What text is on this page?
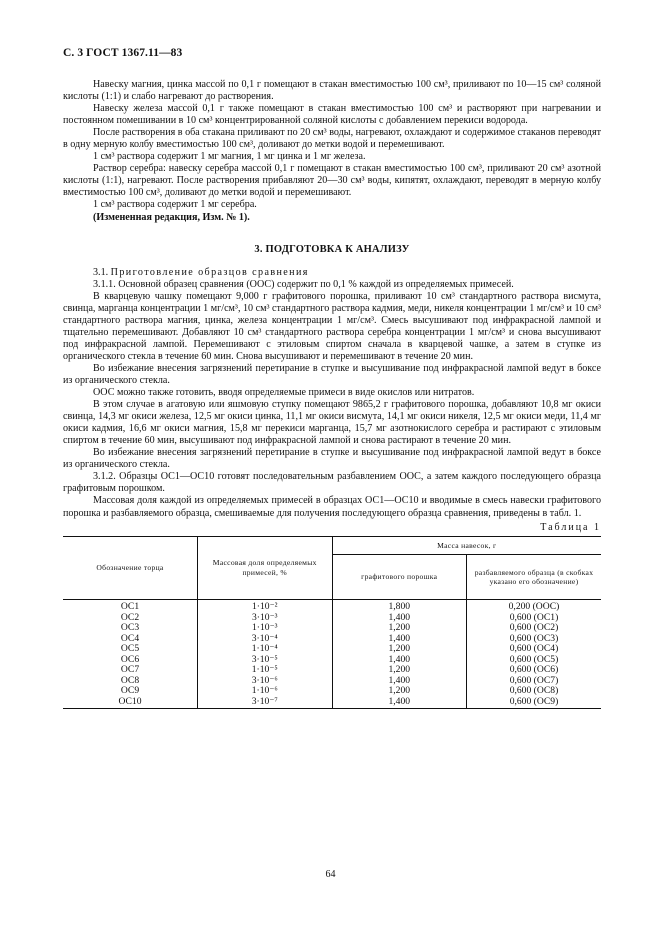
С. 3 ГОСТ 1367.11—83

Навеску магния, цинка массой по 0,1 г помещают в стакан вместимостью 100 см³, приливают по 10—15 см³ соляной кислоты (1:1) и слабо нагревают до растворения.

Навеску железа массой 0,1 г также помещают в стакан вместимостью 100 см³ и растворяют при нагревании и постоянном помешивании в 10 см³ концентрированной соляной кислоты с добавлением перекиси водорода.

После растворения в оба стакана приливают по 20 см³ воды, нагревают, охлаждают и содержимое стаканов переводят в одну мерную колбу вместимостью 100 см³, доливают до метки водой и перемешивают.

1 см³ раствора содержит 1 мг магния, 1 мг цинка и 1 мг железа.

Раствор серебра: навеску серебра массой 0,1 г помещают в стакан вместимостью 100 см³, приливают 20 см³ азотной кислоты (1:1), нагревают. После растворения прибавляют 20—30 см³ воды, кипятят, охлаждают, переводят в мерную колбу вместимостью 100 см³, доливают до метки водой и перемешивают.

1 см³ раствора содержит 1 мг серебра.

(Измененная редакция, Изм. № 1).

3. ПОДГОТОВКА К АНАЛИЗУ

3.1. Приготовление образцов сравнения

3.1.1. Основной образец сравнения (ООС) содержит по 0,1 % каждой из определяемых примесей.

В кварцевую чашку помещают 9,000 г графитового порошка, приливают 10 см³ стандартного раствора висмута, свинца, марганца концентрации 1 мг/см³, 10 см³ стандартного раствора кадмия, меди, никеля концентрации 1 мг/см³ и 10 см³ стандартного раствора магния, цинка, железа концентрации 1 мг/см³. Смесь высушивают под инфракрасной лампой и тщательно перемешивают. Добавляют 10 см³ стандартного раствора серебра концентрации 1 мг/см³ и снова высушивают под инфракрасной лампой. Перемешивают с этиловым спиртом сначала в кварцевой чашке, а затем в ступке из органического стекла в течение 60 мин. Снова высушивают и перемешивают в течение 20 мин.

Во избежание внесения загрязнений перетирание в ступке и высушивание под инфракрасной лампой ведут в боксе из органического стекла.

ООС можно также готовить, вводя определяемые примеси в виде окислов или нитратов.

В этом случае в агатовую или яшмовую ступку помещают 9865,2 г графитового порошка, добавляют 10,8 мг окиси свинца, 14,3 мг окиси железа, 12,5 мг окиси цинка, 11,1 мг окиси висмута, 14,1 мг окиси никеля, 12,5 мг окиси меди, 11,4 мг окиси кадмия, 16,6 мг окиси магния, 15,8 мг перекиси марганца, 15,7 мг азотнокислого серебра и растирают с этиловым спиртом в течение 60 мин, высушивают под инфракрасной лампой и снова растирают в течение 20 мин.

Во избежание внесения загрязнений перетирание в ступке и высушивание под инфракрасной лампой ведут в боксе из органического стекла.

3.1.2. Образцы ОС1—ОС10 готовят последовательным разбавлением ООС, а затем каждого последующего образца графитовым порошком.

Массовая доля каждой из определяемых примесей в образцах ОС1—ОС10 и вводимые в смесь навески графитового порошка и разбавляемого образца, смешиваемые для получения последующего образца сравнения, приведены в табл. 1.

Таблица 1
Обозначение торца	Массовая доля определяемых примесей, %	Масса навесок, г	
		графитового порошка	разбавляемого образца (в скобках указано его обозначение)
ОС1	1·10⁻²	1,800	0,200 (ООС)
ОС2	3·10⁻³	1,400	0,600 (ОС1)
ОС3	1·10⁻³	1,200	0,600 (ОС2)
ОС4	3·10⁻⁴	1,400	0,600 (ОС3)
ОС5	1·10⁻⁴	1,200	0,600 (ОС4)
ОС6	3·10⁻⁵	1,400	0,600 (ОС5)
ОС7	1·10⁻⁵	1,200	0,600 (ОС6)
ОС8	3·10⁻⁶	1,400	0,600 (ОС7)
ОС9	1·10⁻⁶	1,200	0,600 (ОС8)
ОС10	3·10⁻⁷	1,400	0,600 (ОС9)
64
